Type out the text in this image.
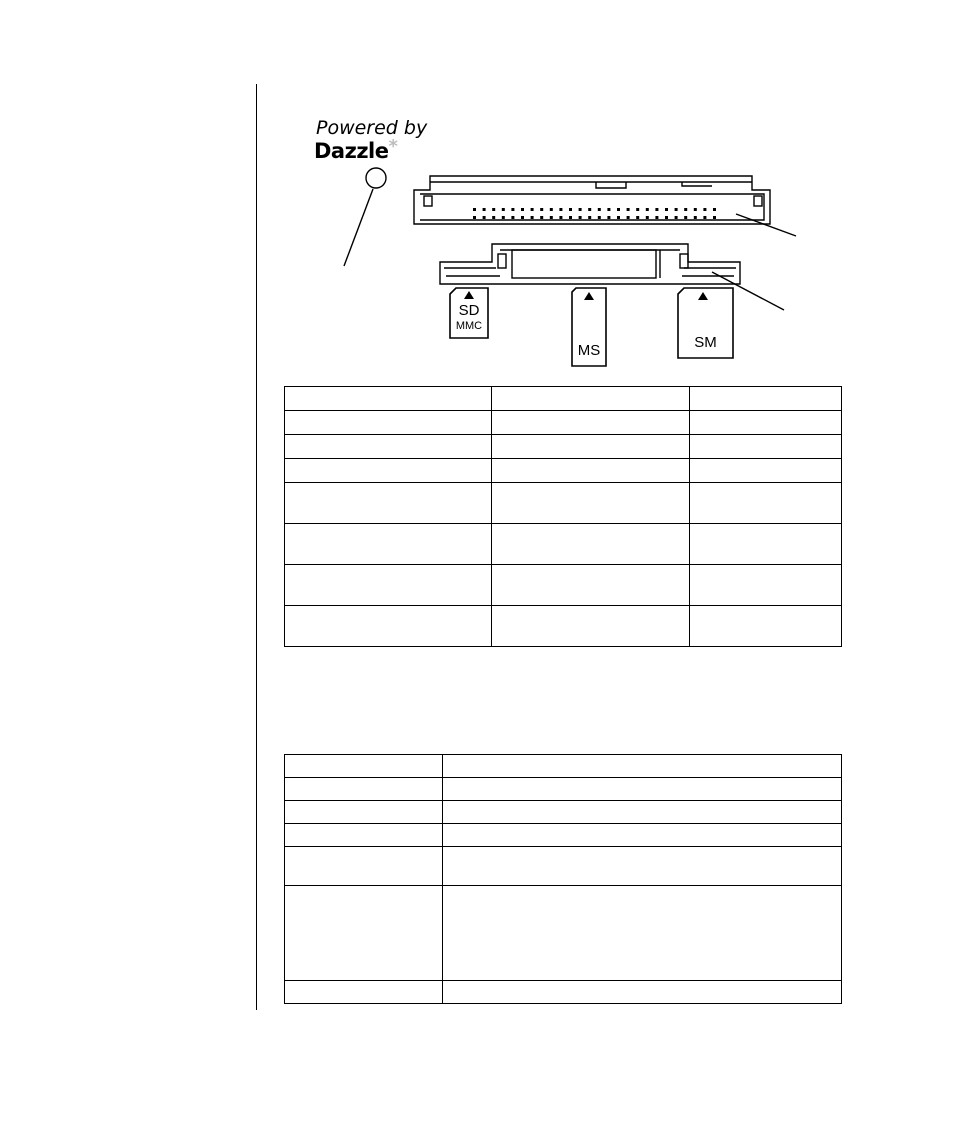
Powered by
Dazzle*
SD
MMC
MS	SM
